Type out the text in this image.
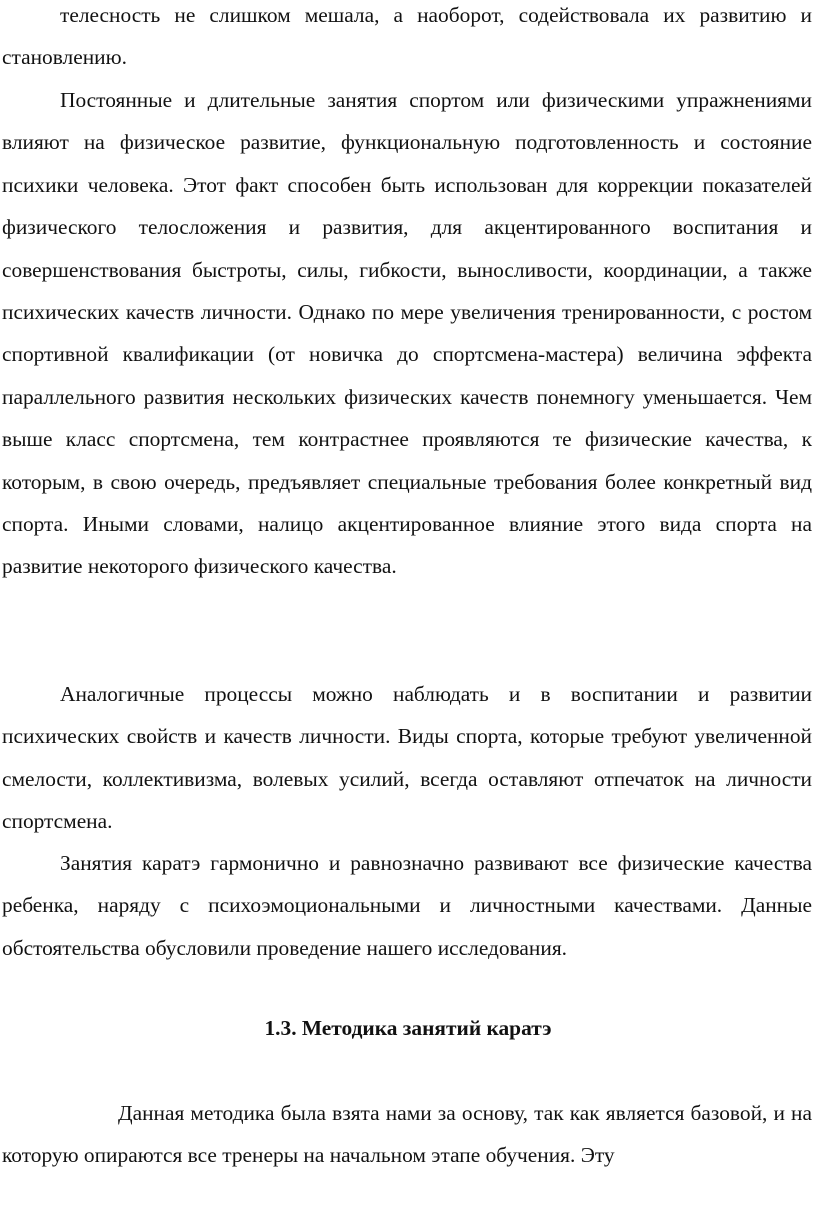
телесность не слишком мешала, а наоборот, содействовала их развитию и становлению.

Постоянные и длительные занятия спортом или физическими упражнениями влияют на физическое развитие, функциональную подготовленность и состояние психики человека. Этот факт способен быть использован для коррекции показателей физического телосложения и развития, для акцентированного воспитания и совершенствования быстроты, силы, гибкости, выносливости, координации, а также психических качеств личности. Однако по мере увеличения тренированности, с ростом спортивной квалификации (от новичка до спортсмена-мастера) величина эффекта параллельного развития нескольких физических качеств понемногу уменьшается. Чем выше класс спортсмена, тем контрастнее проявляются те физические качества, к которым, в свою очередь, предъявляет специальные требования более конкретный вид спорта. Иными словами, налицо акцентированное влияние этого вида спорта на развитие некоторого физического качества.

Аналогичные процессы можно наблюдать и в воспитании и развитии психических свойств и качеств личности. Виды спорта, которые требуют увеличенной смелости, коллективизма, волевых усилий, всегда оставляют отпечаток на личности спортсмена.

Занятия каратэ гармонично и равнозначно развивают все физические качества ребенка, наряду с психоэмоциональными и личностными качествами. Данные обстоятельства обусловили проведение нашего исследования.

1.3. Методика занятий каратэ

Данная методика была взята нами за основу, так как является базовой, и на которую опираются все тренеры на начальном этапе обучения. Эту
